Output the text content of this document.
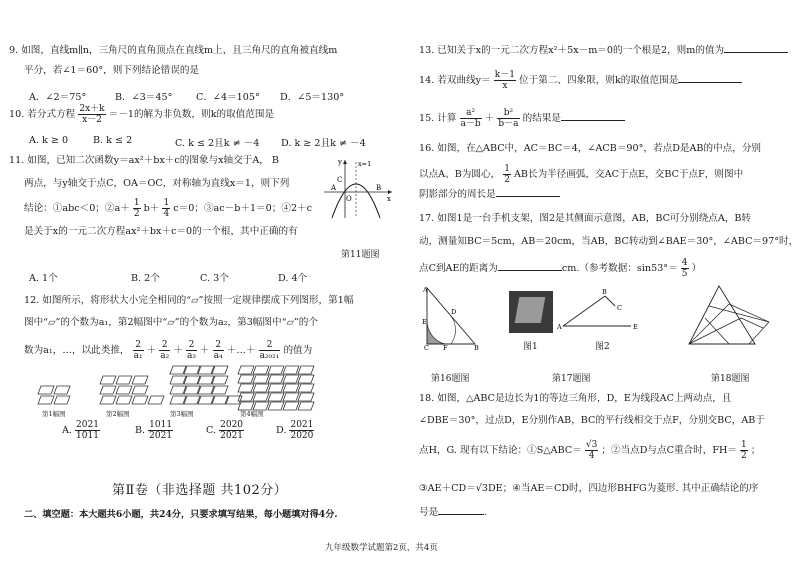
9. 如图，直线m∥n，三角尺的直角顶点在直线m上，且三角尺的直角被直线m
平分，若∠1＝60°，则下列结论错误的是
A．∠2＝75°	B．∠3＝45° C．∠4＝105° D．∠5＝130°
10. 若分式方程 $\frac{2x+k}{x-2} =-1$的解为非负数，则k的取值范围是
A. k ≥ 0	B. k ≤ 2	C. k ≤ 2且k ≠ －4 D. k ≥ 2且k ≠ －4
11. 如图，已知二次函数y＝ax²＋bx＋c的图象与x轴交于A， B
两点，与y轴交于点C，OA＝OC，对称轴为直线x＝1，则下列
结论：①abc＜0；②a＋ $\frac{1}{2} b+ \frac{1}{4} c=0$；③ac－b＋1＝0；④2＋c
是关于x的一元二次方程ax²＋bx＋c＝0的一个根，其中正确的有
y x=1
x
A	B
C
O
第11题图
A. 1个	B. 2个	C. 3个	D. 4个
12. 如图所示，将形状大小完全相同的“▱”按照一定规律摆成下列图形，第1幅
图中“▱”的个数为a₁，第2幅图中“▱”的个数为a₂，第3幅图中“▱”的个
数为a₁，…，以此类推， $\frac{2}{\text{a₁}} + \frac{2}{\text{a₂}} + \frac{2}{\text{a₃}} + \frac{2}{\text{a₄}}$ ＋…＋ $\frac{2}{\text{a₂₀₂₁}}$ 的值为
第1幅图	第2幅图	第3幅图	第4幅图
A. $\frac{2021}{1011}$	B. $\frac{1011}{2021}$	C. $\frac{2020}{2021}$	D. $\frac{2021}{2020}$
第Ⅱ卷（非选择题 共102分）
二、填空题：本大题共6小题，共24分，只要求填写结果，每小题填对得4分.
13. 已知关于x的一元二次方程x²＋5x－m＝0的一个根是2，则m的值为
14. 若双曲线$y= \frac{k-1}{x}$ 位于第二、四象限，则k的取值范围是
15. 计算 $\frac{\text{a²}}{a-b} + \frac{\text{b²}}{b-a}$ 的结果是
16. 如图，在△ABC中，AC＝BC＝4，∠ACB＝90°，若点D是AB的中点，分别
以点A、B为圆心， $\frac{1}{2}$ AB长为半径画弧，交AC于点E，交BC于点F，则图中
阴影部分的周长是
17. 如图1是一台手机支架，图2是其侧面示意图，AB，BC可分别绕点A，B转
动，测量知BC＝5cm，AB＝20cm，当AB，BC转动到∠BAE＝30°，∠ABC＝97°时，
点C到AE的距离为	cm.（参考数据：$\sin 53^\circ= \frac{4}{5}$ ）
A
D
E
C F	B
第16题图
图1
A
B
C
E
图2
第17题图	第18题图
18. 如图，△ABC是边长为1的等边三角形，D，E为线段AC上两动点，且
∠DBE＝30°，过点D，E分别作AB，BC的平行线相交于点F，分别交BC，AB于
点H，G. 现有以下结论：①S△ABC＝ $\frac{√3}{4}$ ；②当点D与点C重合时，$FH= \frac{1}{2}$ ；
③AE＋CD＝√3DE；④当AE＝CD时，四边形BHFG为菱形. 其中正确结论的序
号是	.
九年级数学试题第2页，共4页
